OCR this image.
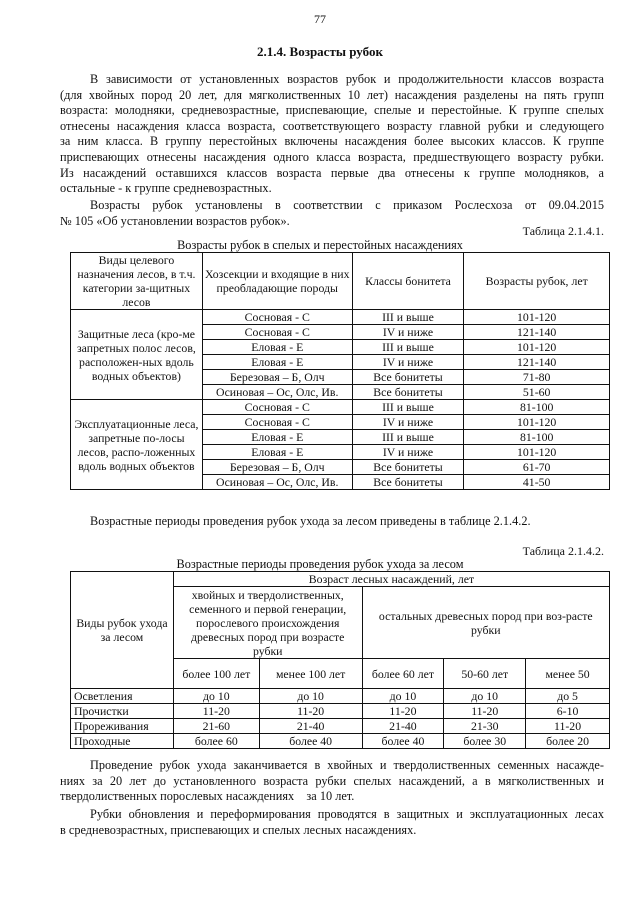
77
2.1.4. Возрасты рубок
В зависимости от установленных возрастов рубок и продолжительности классов возраста
(для хвойных пород 20 лет, для мягколиственных 10 лет) насаждения разделены на пять групп
возраста: молодняки, средневозрастные, приспевающие, спелые и перестойные. К группе спелых
отнесены насаждения класса возраста, соответствующего возрасту главной рубки и следующего
за ним класса. В группу перестойных включены насаждения более высоких классов. К группе
приспевающих отнесены насаждения одного класса возраста, предшествующего возрасту рубки.
Из насаждений оставшихся классов возраста первые два отнесены к группе молодняков, а
остальные - к группе средневозрастных.
Возрасты рубок установлены в соответствии с приказом Рослесхоза от 09.04.2015
№ 105 «Об установлении возрастов рубок».
Таблица 2.1.4.1.
Возрасты рубок в спелых и перестойных насаждениях
Виды целевого назначения лесов, в т.ч. категории за-щитных лесов	Хозсекции и входящие в них преобладающие породы	Классы бонитета	Возрасты рубок, лет
Защитные леса (кро-ме запретных полос лесов, расположен-ных вдоль водных объектов)	Сосновая - С	III и выше	101-120
	Сосновая - С	IV и ниже	121-140
	Еловая - Е	III и выше	101-120
	Еловая - Е	IV и ниже	121-140
	Березовая – Б, Олч	Все бонитеты	71-80
	Осиновая – Ос, Олс, Ив.	Все бонитеты	51-60
Эксплуатационные леса, запретные по-лосы лесов, распо-ложенных вдоль водных объектов	Сосновая - С	III и выше	81-100
	Сосновая - С	IV и ниже	101-120
	Еловая - Е	III и выше	81-100
	Еловая - Е	IV и ниже	101-120
	Березовая – Б, Олч	Все бонитеты	61-70
	Осиновая – Ос, Олс, Ив.	Все бонитеты	41-50
Возрастные периоды проведения рубок ухода за лесом приведены в таблице 2.1.4.2.
Таблица 2.1.4.2.
Возрастные периоды проведения рубок ухода за лесом
Виды рубок ухода за лесом	Возраст лесных насаждений, лет				
	хвойных и твердолиственных, семенного и первой генерации, порослевого происхождения древесных пород при возрасте рубки		остальных древесных пород при воз-расте рубки		
	более 100 лет	менее 100 лет	более 60 лет	50-60 лет	менее 50
Осветления	до 10	до 10	до 10	до 10	до 5
Прочистки	11-20	11-20	11-20	11-20	6-10
Прореживания	21-60	21-40	21-40	21-30	11-20
Проходные	более 60	более 40	более 40	более 30	более 20
Проведение рубок ухода заканчивается в хвойных и твердолиственных семенных насажде-
ниях за 20 лет до установленного возраста рубки спелых насаждений, а в мягколиственных и
твердолиственных порослевых насаждениях    за 10 лет.
Рубки обновления и переформирования проводятся в защитных и эксплуатационных лесах
в средневозрастных, приспевающих и спелых лесных насаждениях.
